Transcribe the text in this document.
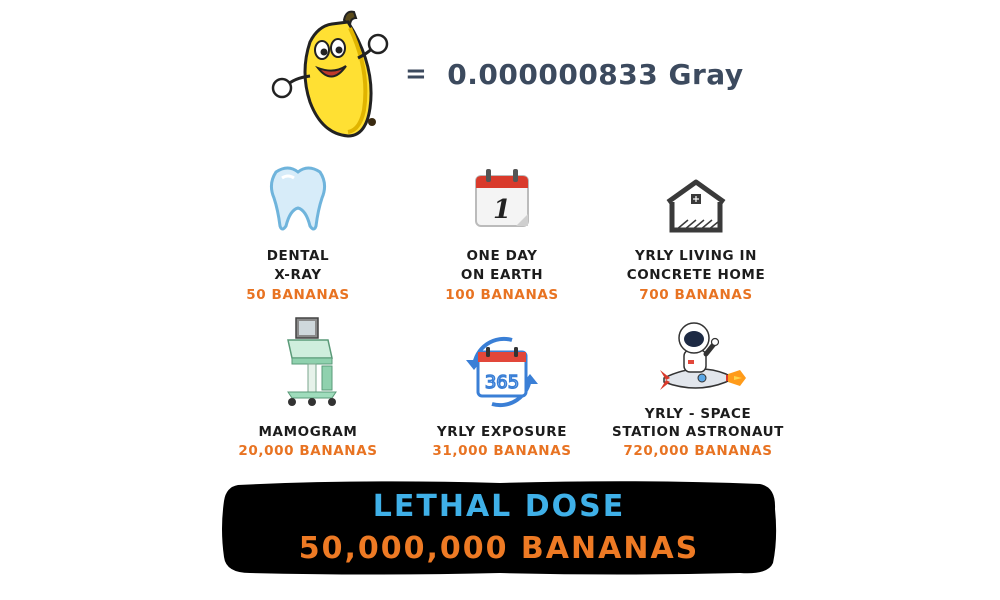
= 0.000000833 Gray
DENTAL
X-RAY
50 BANANAS
1
ONE DAY
ON EARTH
100 BANANAS
YRLY LIVING IN
CONCRETE HOME
700 BANANAS
MAMOGRAM
20,000 BANANAS
365
YRLY EXPOSURE
31,000 BANANAS
YRLY - SPACE
STATION ASTRONAUT
720,000 BANANAS
LETHAL DOSE
50,000,000 BANANAS
